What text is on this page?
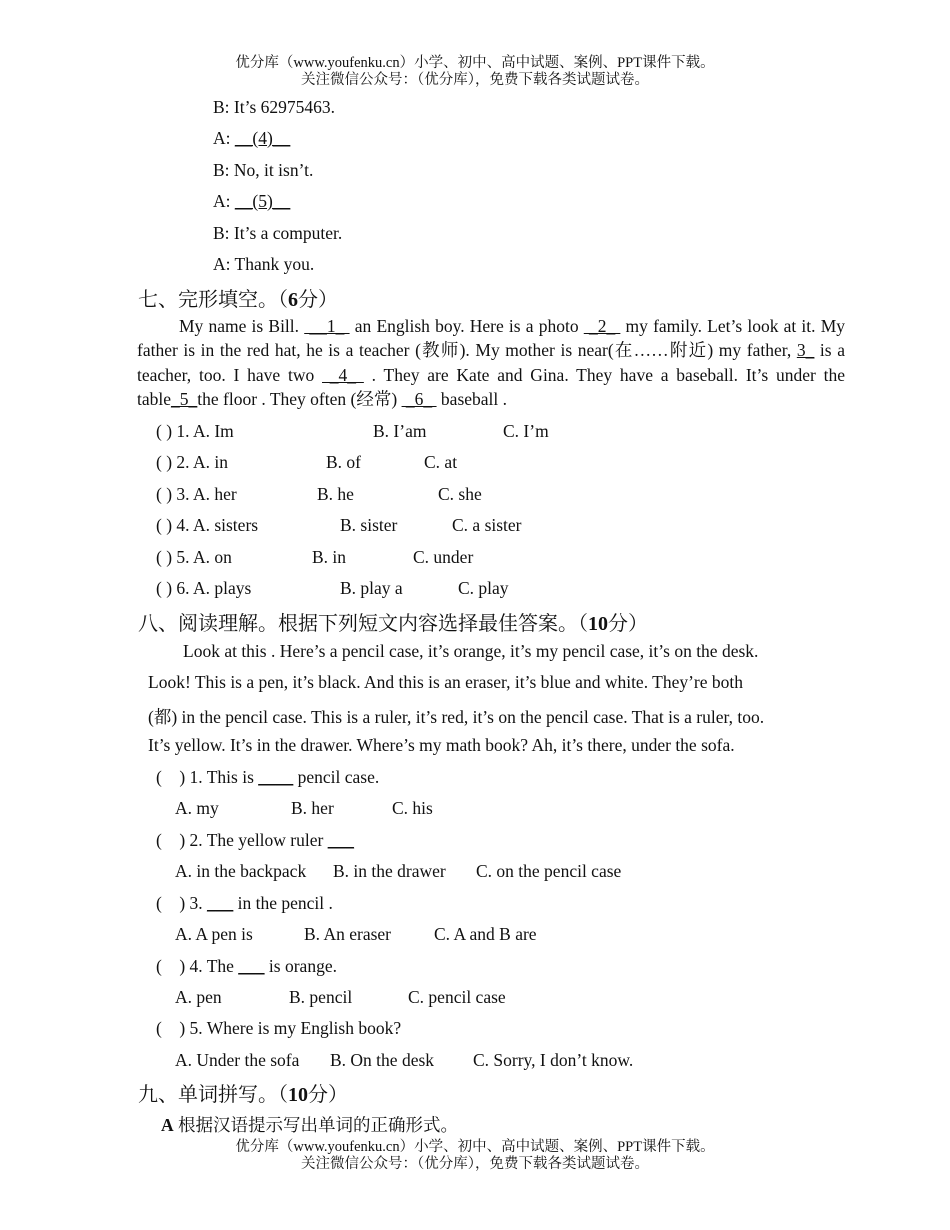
优分库（www.youfenku.cn）小学、初中、高中试题、案例、PPT课件下载。
关注微信公众号：（优分库），免费下载各类试题试卷。
B: It’s 62975463.
A: __(4)__
B: No, it isn’t.
A: __(5)__
B: It’s a computer.
A: Thank you.
七、完形填空。（6分）
My name is Bill.  __1_  an English boy. Here is a photo  _2_  my family. Let’s look at it. My father is in the red hat, he is a teacher (教师). My mother is near(在……附近) my father, 3_ is a teacher, too. I have two  _4_  . They are Kate and Gina. They have a baseball. It’s under the table_5_the floor . They often (经常)  _6_  baseball .
( ) 1. A. Im	B. I’am	C. I’m
( ) 2. A. in	B. of	C. at
( ) 3. A. her	B. he	C. she
( ) 4. A. sisters	B. sister	C. a sister
( ) 5. A. on	B. in	C. under
( ) 6. A. plays	B. play a	C. play
八、阅读理解。根据下列短文内容选择最佳答案。（10分）
Look at this . Here’s a pencil case, it’s orange, it’s my pencil case, it’s on the desk.
Look! This is a pen, it’s black. And this is an eraser, it’s blue and white. They’re both
(都) in the pencil case. This is a ruler, it’s red, it’s on the pencil case. That is a ruler, too.
It’s yellow. It’s in the drawer. Where’s my math book? Ah, it’s there, under the sofa.
(    ) 1. This is ____ pencil case.
A. my	B. her	C. his
(    ) 2. The yellow ruler ___
A. in the backpack B. in the drawer C. on the pencil case
(    ) 3. ___ in the pencil .
A. A pen is	B. An eraser C. A and B are
(    ) 4. The ___ is orange.
A. pen	B. pencil	C. pencil case
(    ) 5. Where is my English book?
A. Under the sofa B. On the desk C. Sorry, I don’t know.
九、单词拼写。（10分）
A 根据汉语提示写出单词的正确形式。
优分库（www.youfenku.cn）小学、初中、高中试题、案例、PPT课件下载。
关注微信公众号：（优分库），免费下载各类试题试卷。
